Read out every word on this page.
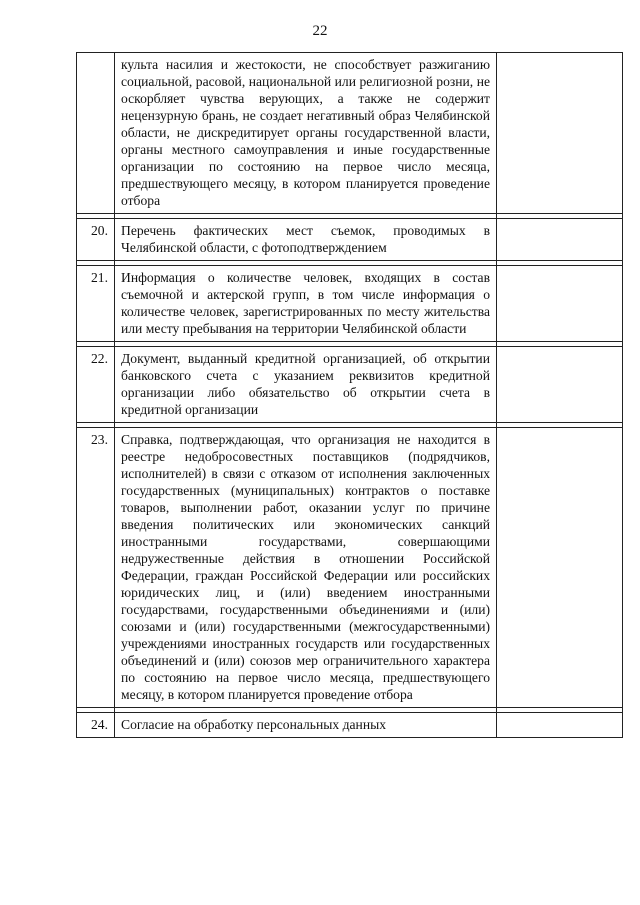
22
	культа насилия и жестокости, не способствует разжиганию социальной, расовой, национальной или религиозной розни, не оскорбляет чувства верующих, а также не содержит нецензурную брань, не создает негативный образ Челябинской области, не дискредитирует органы государственной власти, органы местного самоуправления и иные государственные организации по состоянию на первое число месяца, предшествующего месяцу, в котором планируется проведение отбора	

20.	Перечень фактических мест съемок, проводимых в Челябинской области, с фотоподтверждением	

21.	Информация о количестве человек, входящих в состав съемочной и актерской групп, в том числе информация о количестве человек, зарегистрированных по месту жительства или месту пребывания на территории Челябинской области	

22.	Документ, выданный кредитной организацией, об открытии банковского счета с указанием реквизитов кредитной организации либо обязательство об открытии счета в кредитной организации	

23.	Справка, подтверждающая, что организация не находится в реестре недобросовестных поставщиков (подрядчиков, исполнителей) в связи с отказом от исполнения заключенных государственных (муниципальных) контрактов о поставке товаров, выполнении работ, оказании услуг по причине введения политических или экономических санкций иностранными государствами, совершающими недружественные действия в отношении Российской Федерации, граждан Российской Федерации или российских юридических лиц, и (или) введением иностранными государствами, государственными объединениями и (или) союзами и (или) государственными (межгосударственными) учреждениями иностранных государств или государственных объединений и (или) союзов мер ограничительного характера по состоянию на первое число месяца, предшествующего месяцу, в котором планируется проведение отбора	

24.	Согласие на обработку персональных данных	
